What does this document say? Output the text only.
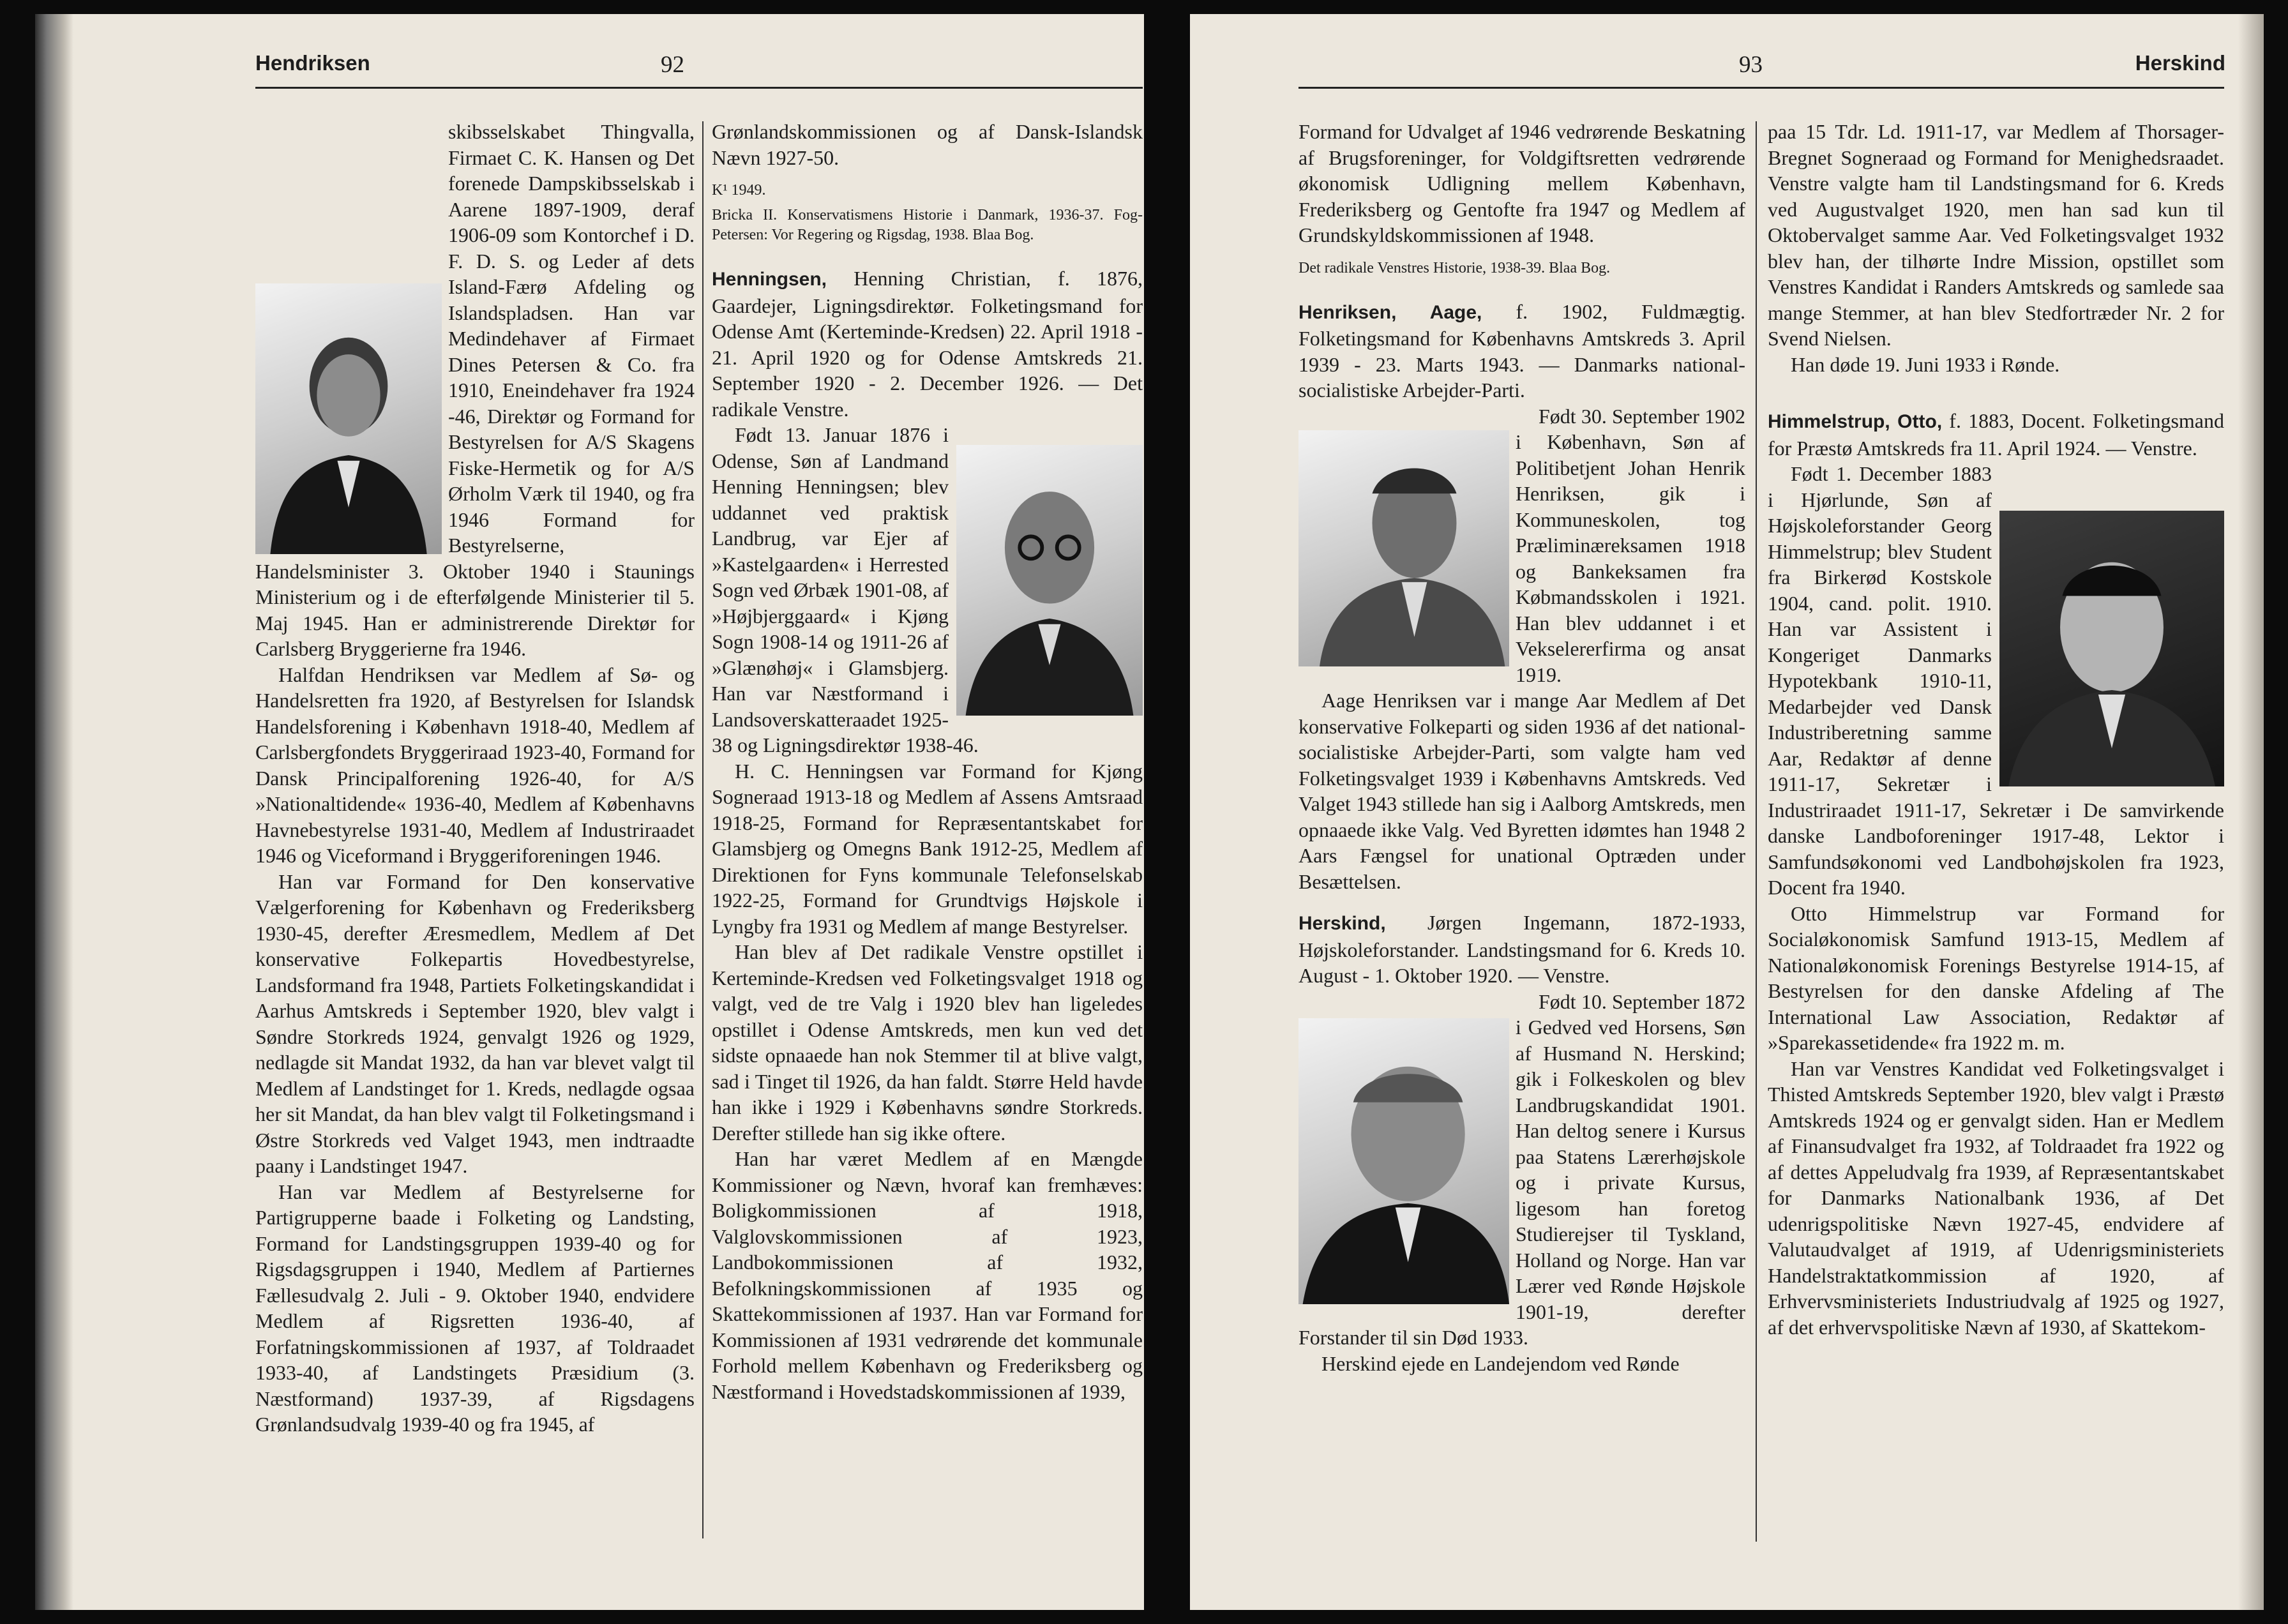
Hendriksen	92

skibsselskabet Thingvalla, Firmaet C. K. Hansen og Det forenede Dampskibsselskab i Aarene 1897-1909, deraf 1906-09 som Kontorchef i D. F. D. S. og Leder af dets Island-Færø Afdeling og Islandspladsen. Han var Medindehaver af Firmaet Dines Petersen & Co. fra 1910, Eneindehaver fra 1924 -46, Direktør og Formand for Bestyrelsen for A/S Skagens Fiske-Hermetik og for A/S Ørholm Værk til 1940, og fra 1946 Formand for Bestyrelserne, Handelsminister 3. Oktober 1940 i Staunings Ministerium og i de efterfølgende Ministerier til 5. Maj 1945. Han er administrerende Direktør for Carlsberg Bryggerierne fra 1946.

Halfdan Hendriksen var Medlem af Sø- og Handelsretten fra 1920, af Bestyrelsen for Islandsk Handelsforening i København 1918-40, Medlem af Carlsbergfondets Bryggeriraad 1923-40, Formand for Dansk Principalforening 1926-40, for A/S »Nationaltidende« 1936-40, Medlem af Københavns Havnebestyrelse 1931-40, Medlem af Industriraadet 1946 og Viceformand i Bryggeriforeningen 1946.

Han var Formand for Den konservative Vælgerforening for København og Frederiksberg 1930-45, derefter Æresmedlem, Medlem af Det konservative Folkepartis Hovedbestyrelse, Landsformand fra 1948, Partiets Folketingskandidat i Aarhus Amtskreds i September 1920, blev valgt i Søndre Storkreds 1924, genvalgt 1926 og 1929, nedlagde sit Mandat 1932, da han var blevet valgt til Medlem af Landstinget for 1. Kreds, nedlagde ogsaa her sit Mandat, da han blev valgt til Folketingsmand i Østre Storkreds ved Valget 1943, men indtraadte paany i Landstinget 1947.

Han var Medlem af Bestyrelserne for Partigrupperne baade i Folketing og Landsting, Formand for Landstingsgruppen 1939-40 og for Rigsdagsgruppen i 1940, Medlem af Partiernes Fællesudvalg 2. Juli - 9. Oktober 1940, endvidere Medlem af Rigsretten 1936-40, af Forfatningskommissionen af 1937, af Toldraadet 1933-40, af Landstingets Præsidium (3. Næstformand) 1937-39, af Rigsdagens Grønlandsudvalg 1939-40 og fra 1945, af

Grønlandskommissionen og af Dansk-Islandsk Nævn 1927-50.

K¹ 1949.

Bricka II. Konservatismens Historie i Danmark, 1936-37. Fog-Petersen: Vor Regering og Rigsdag, 1938. Blaa Bog.

Henningsen, Henning Christian, f. 1876, Gaardejer, Ligningsdirektør. Folketingsmand for Odense Amt (Kerteminde-Kredsen) 22. April 1918 - 21. April 1920 og for Odense Amtskreds 21. September 1920 - 2. December 1926. — Det radikale Venstre.

Født 13. Januar 1876 i Odense, Søn af Landmand Henning Henningsen; blev uddannet ved praktisk Landbrug, var Ejer af »Kastelgaarden« i Herrested Sogn ved Ørbæk 1901-08, af »Højbjerggaard« i Kjøng Sogn 1908-14 og 1911-26 af »Glænøhøj« i Glamsbjerg. Han var Næstformand i Landsoverskatteraadet 1925-38 og Ligningsdirektør 1938-46.

H. C. Henningsen var Formand for Kjøng Sogneraad 1913-18 og Medlem af Assens Amtsraad 1918-25, Formand for Repræsentantskabet for Glamsbjerg og Omegns Bank 1912-25, Medlem af Direktionen for Fyns kommunale Telefonselskab 1922-25, Formand for Grundtvigs Højskole i Lyngby fra 1931 og Medlem af mange Bestyrelser.

Han blev af Det radikale Venstre opstillet i Kerteminde-Kredsen ved Folketingsvalget 1918 og valgt, ved de tre Valg i 1920 blev han ligeledes opstillet i Odense Amtskreds, men kun ved det sidste opnaaede han nok Stemmer til at blive valgt, sad i Tinget til 1926, da han faldt. Større Held havde han ikke i 1929 i Københavns søndre Storkreds. Derefter stillede han sig ikke oftere.

Han har været Medlem af en Mængde Kommissioner og Nævn, hvoraf kan fremhæves: Boligkommissionen af 1918, Valglovskommissionen af 1923, Landbokommissionen af 1932, Befolkningskommissionen af 1935 og Skattekommissionen af 1937. Han var Formand for Kommissionen af 1931 vedrørende det kommunale Forhold mellem København og Frederiksberg og Næstformand i Hovedstadskommissionen af 1939,

93	Herskind

Formand for Udvalget af 1946 vedrørende Beskatning af Brugsforeninger, for Voldgiftsretten vedrørende økonomisk Udligning mellem København, Frederiksberg og Gentofte fra 1947 og Medlem af Grundskyldskommissionen af 1948.

Det radikale Venstres Historie, 1938-39. Blaa Bog.

Henriksen, Aage, f. 1902, Fuldmægtig. Folketingsmand for Københavns Amtskreds 3. April 1939 - 23. Marts 1943. — Danmarks national-socialistiske Arbejder-Parti.

Født 30. September 1902 i København, Søn af Politibetjent Johan Henrik Henriksen, gik i Kommuneskolen, tog Præliminæreksamen 1918 og Bankeksamen fra Købmandsskolen i 1921. Han blev uddannet i et Vekselererfirma og ansat 1919.

Aage Henriksen var i mange Aar Medlem af Det konservative Folkeparti og siden 1936 af det national-socialistiske Arbejder-Parti, som valgte ham ved Folketingsvalget 1939 i Københavns Amtskreds. Ved Valget 1943 stillede han sig i Aalborg Amtskreds, men opnaaede ikke Valg. Ved Byretten idømtes han 1948 2 Aars Fængsel for unational Optræden under Besættelsen.

Herskind, Jørgen Ingemann, 1872-1933, Højskoleforstander. Landstingsmand for 6. Kreds 10. August - 1. Oktober 1920. — Venstre.

Født 10. September 1872 i Gedved ved Horsens, Søn af Husmand N. Herskind; gik i Folkeskolen og blev Landbrugskandidat 1901. Han deltog senere i Kursus paa Statens Lærerhøjskole og i private Kursus, ligesom han foretog Studierejser til Tyskland, Holland og Norge. Han var Lærer ved Rønde Højskole 1901-19, derefter Forstander til sin Død 1933.

Herskind ejede en Landejendom ved Rønde

paa 15 Tdr. Ld. 1911-17, var Medlem af Thorsager-Bregnet Sogneraad og Formand for Menighedsraadet. Venstre valgte ham til Landstingsmand for 6. Kreds ved Augustvalget 1920, men han sad kun til Oktobervalget samme Aar. Ved Folketingsvalget 1932 blev han, der tilhørte Indre Mission, opstillet som Venstres Kandidat i Randers Amtskreds og samlede saa mange Stemmer, at han blev Stedfortræder Nr. 2 for Svend Nielsen.

Han døde 19. Juni 1933 i Rønde.

Himmelstrup, Otto, f. 1883, Docent. Folketingsmand for Præstø Amtskreds fra 11. April 1924. — Venstre.

Født 1. December 1883 i Hjørlunde, Søn af Højskoleforstander Georg Himmelstrup; blev Student fra Birkerød Kostskole 1904, cand. polit. 1910. Han var Assistent i Kongeriget Danmarks Hypotekbank 1910-11, Medarbejder ved Dansk Industriberetning samme Aar, Redaktør af denne 1911-17, Sekretær i Industriraadet 1911-17, Sekretær i De samvirkende danske Landboforeninger 1917-48, Lektor i Samfundsøkonomi ved Landbohøjskolen fra 1923, Docent fra 1940.

Otto Himmelstrup var Formand for Socialøkonomisk Samfund 1913-15, Medlem af Nationaløkonomisk Forenings Bestyrelse 1914-15, af Bestyrelsen for den danske Afdeling af The International Law Association, Redaktør af »Sparekassetidende« fra 1922 m. m.

Han var Venstres Kandidat ved Folketingsvalget i Thisted Amtskreds September 1920, blev valgt i Præstø Amtskreds 1924 og er genvalgt siden. Han er Medlem af Finansudvalget fra 1932, af Toldraadet fra 1922 og af dettes Appeludvalg fra 1939, af Repræsentantskabet for Danmarks Nationalbank 1936, af Det udenrigspolitiske Nævn 1927-45, endvidere af Valutaudvalget af 1919, af Udenrigsministeriets Handelstraktatkommission af 1920, af Erhvervsministeriets Industriudvalg af 1925 og 1927, af det erhvervspolitiske Nævn af 1930, af Skattekom-
